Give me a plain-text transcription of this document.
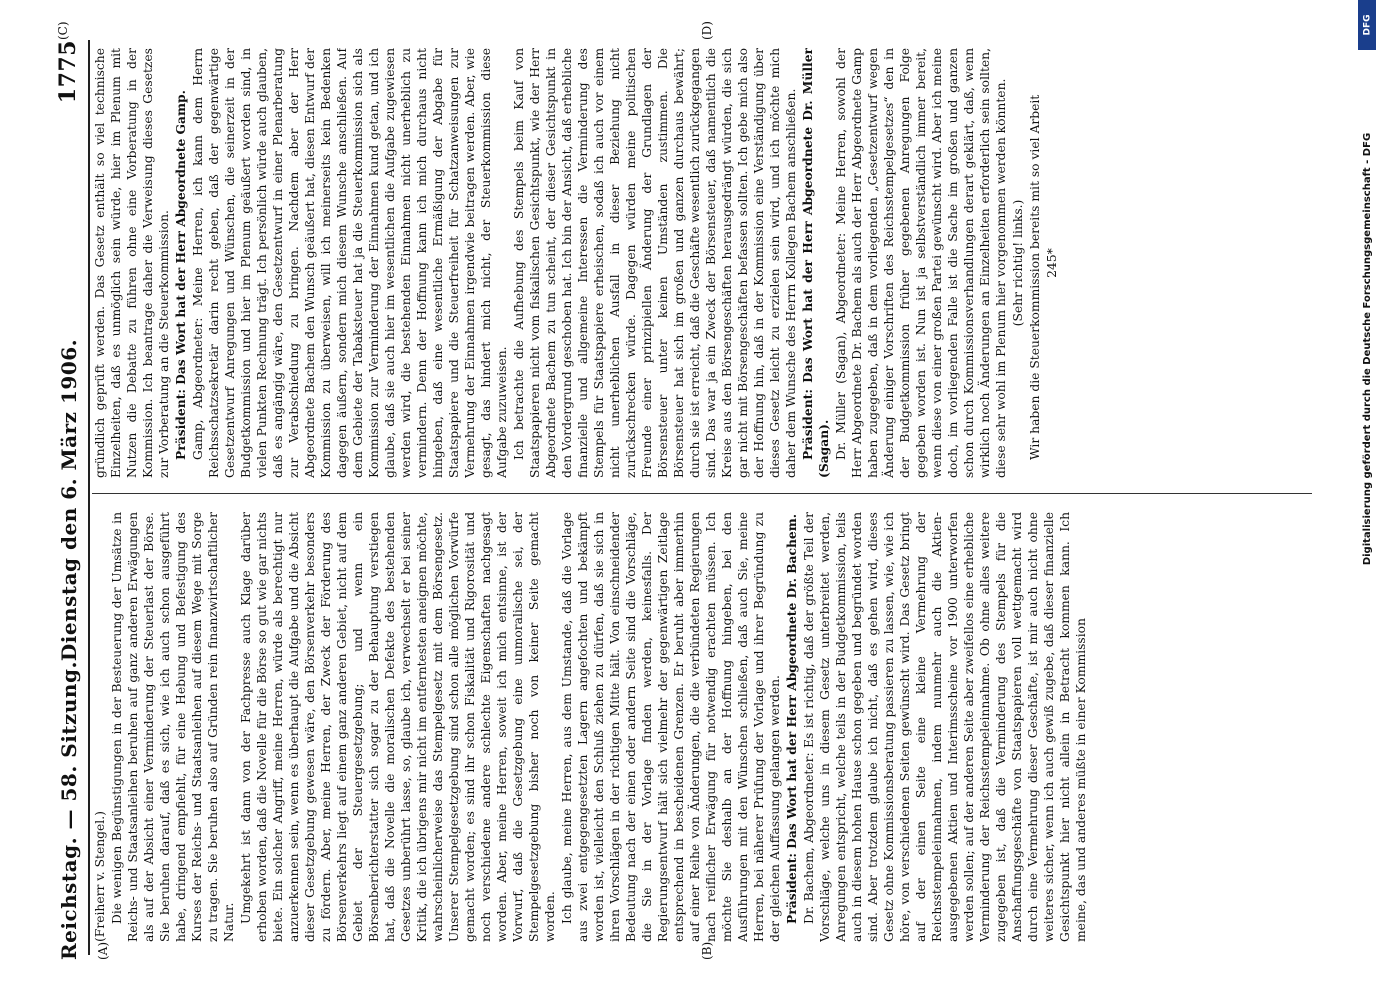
Reichstag. — 58. Sitzung.
Dienstag den 6. März 1906.
1775
(A)	(B)
(C)	(D)

(Freiherr v. Stengel.) Die wenigen Begünstigungen in der Besteuerung der Umsätze in Reichs- und Staatsanleihen beruhen auf ganz anderen Erwägungen als auf der Absicht einer Verminderung der Steuerlast der Börse. Sie beruhen darauf, daß es sich, wie ich auch schon ausgeführt habe, dringend empfiehlt, für eine Hebung und Befestigung des Kurses der Reichs- und Staatsanleihen auf diesem Wege mit Sorge zu tragen. Sie beruhen also auf Gründen rein finanzwirtschaftlicher Natur. Umgekehrt ist dann von der Fachpresse auch Klage darüber erhoben worden, daß die Novelle für die Börse so gut wie gar nichts biete. Ein solcher Angriff, meine Herren, würde als berechtigt nur anzuerkennen sein, wenn es überhaupt die Aufgabe und die Absicht dieser Gesetzgebung gewesen wäre, den Börsenverkehr besonders zu fördern. Aber, meine Herren, der Zweck der Förderung des Börsenverkehrs liegt auf einem ganz anderen Gebiet, nicht auf dem Gebiet der Steuergesetzgebung; und wenn ein Börsenberichterstatter sich sogar zu der Behauptung verstiegen hat, daß die Novelle die moralischen Defekte des bestehenden Gesetzes unberührt lasse, so, glaube ich, verwechselt er bei seiner Kritik, die ich übrigens mir nicht im entferntesten aneignen möchte, wahrscheinlicherweise das Stempelgesetz mit dem Börsengesetz. Unserer Stempelgesetzgebung sind schon alle möglichen Vorwürfe gemacht worden; es sind ihr schon Fiskalität und Rigorosität und noch verschiedene andere schlechte Eigenschaften nachgesagt worden. Aber, meine Herren, soweit ich mich entsinne, ist der Vorwurf, daß die Gesetzgebung eine unmoralische sei, der Stempelgesetzgebung bisher noch von keiner Seite gemacht worden. Ich glaube, meine Herren, aus dem Umstande, daß die Vorlage aus zwei entgegengesetzten Lagern angefochten und bekämpft worden ist, vielleicht den Schluß ziehen zu dürfen, daß sie sich in ihren Vorschlägen in der richtigen Mitte hält. Von einschneidender Bedeutung nach der einen oder andern Seite sind die Vorschläge, die Sie in der Vorlage finden werden, keinesfalls. Der Regierungsentwurf hält sich vielmehr der gegenwärtigen Zeitlage entsprechend in bescheidenen Grenzen. Er beruht aber immerhin auf einer Reihe von Änderungen, die die verbündeten Regierungen nach reiflicher Erwägung für notwendig erachten müssen. Ich möchte Sie deshalb an der Hoffnung hingeben, bei den Ausführungen mit den Wünschen schließen, daß auch Sie, meine Herren, bei näherer Prüfung der Vorlage und ihrer Begründung zu der gleichen Auffassung gelangen werden. Präsident: Das Wort hat der Herr Abgeordnete Dr. Bachem. Dr. Bachem, Abgeordneter: Es ist richtig, daß der größte Teil der Vorschläge, welche uns in diesem Gesetz unterbreitet werden, Anregungen entspricht, welche teils in der Budgetkommission, teils auch in diesem hohen Hause schon gegeben und begründet worden sind. Aber trotzdem glaube ich nicht, daß es gehen wird, dieses Gesetz ohne Kommissionsberatung passieren zu lassen, wie, wie ich höre, von verschiedenen Seiten gewünscht wird. Das Gesetz bringt auf der einen Seite eine kleine Vermehrung der Reichsstempeleinnahmen, indem nunmehr auch die Aktien-ausgegebenen Aktien und Interimsscheine vor 1900 unterworfen werden sollen; auf der anderen Seite aber zweifellos eine erhebliche Verminderung der Reichsstempeleinnahme. Ob ohne alles weitere zugegeben ist, daß die Verminderung des Stempels für die Anschaffungsgeschäfte von Staatspapieren voll wettgemacht wird durch eine Vermehrung dieser Geschäfte, ist mir auch nicht ohne weiteres sicher, wenn ich auch gewiß zugebe, daß dieser finanzielle Gesichtspunkt hier nicht allein in Betracht kommen kann. Ich meine, das und anderes müßte in einer Kommission

gründlich geprüft werden. Das Gesetz enthält so viel technische Einzelheiten, daß es unmöglich sein würde, hier im Plenum mit Nutzen die Debatte zu führen ohne eine Vorberatung in der Kommission. Ich beantrage daher die Verweisung dieses Gesetzes zur Vorberatung an die Steuerkommission. Präsident: Das Wort hat der Herr Abgeordnete Gamp. Gamp, Abgeordneter: Meine Herren, ich kann dem Herrn Reichsschatzsekretär darin recht geben, daß der gegenwärtige Gesetzentwurf Anregungen und Wünschen, die seinerzeit in der Budgetkommission und hier im Plenum geäußert worden sind, in vielen Punkten Rechnung trägt. Ich persönlich würde auch glauben, daß es angängig wäre, den Gesetzentwurf in einer Plenarberatung zur Verabschiedung zu bringen. Nachdem aber der Herr Abgeordnete Bachem den Wunsch geäußert hat, diesen Entwurf der Kommission zu überweisen, will ich meinerseits kein Bedenken dagegen äußern, sondern mich diesem Wunsche anschließen. Auf dem Gebiete der Tabaksteuer hat ja die Steuerkommission sich als Kommission zur Verminderung der Einnahmen kund getan, und ich glaube, daß sie auch hier im wesentlichen die Aufgabe zugewiesen werden wird, die bestehenden Einnahmen nicht unerheblich zu vermindern. Denn der Hoffnung kann ich mich durchaus nicht hingeben, daß eine wesentliche Ermäßigung der Abgabe für Staatspapiere und die Steuerfreiheit für Schatzanweisungen zur Vermehrung der Einnahmen irgendwie beitragen werden. Aber, wie gesagt, das hindert mich nicht, der Steuerkommission diese Aufgabe zuzuweisen. Ich betrachte die Aufhebung des Stempels beim Kauf von Staatspapieren nicht vom fiskalischen Gesichtspunkt, wie der Herr Abgeordnete Bachem zu tun scheint, der dieser Gesichtspunkt in den Vordergrund geschoben hat. Ich bin der Ansicht, daß erhebliche finanzielle und allgemeine Interessen die Verminderung des Stempels für Staatspapiere erheischen, sodaß ich auch vor einem nicht unerheblichen Ausfall in dieser Beziehung nicht zurückschrecken würde. Dagegen würden meine politischen Freunde einer prinzipiellen Änderung der Grundlagen der Börsensteuer unter keinen Umständen zustimmen. Die Börsensteuer hat sich im großen und ganzen durchaus bewährt; durch sie ist erreicht, daß die Geschäfte wesentlich zurückgegangen sind. Das war ja ein Zweck der Börsensteuer, daß namentlich die Kreise aus den Börsengeschäften herausgedrängt würden, die sich gar nicht mit Börsengeschäften befassen sollten. Ich gebe mich also der Hoffnung hin, daß in der Kommission eine Verständigung über dieses Gesetz leicht zu erzielen sein wird, und ich möchte mich daher dem Wunsche des Herrn Kollegen Bachem anschließen. Präsident: Das Wort hat der Herr Abgeordnete Dr. Müller (Sagan). Dr. Müller (Sagan), Abgeordneter: Meine Herren, sowohl der Herr Abgeordnete Dr. Bachem als auch der Herr Abgeordnete Gamp haben zugegeben, daß in dem vorliegenden „Gesetzentwurf wegen Änderung einiger Vorschriften des Reichsstempelgesetzes“ den in der Budgetkommission früher gegebenen Anregungen Folge gegeben worden ist. Nun ist ja selbstverständlich immer bereit, wenn diese von einer großen Partei gewünscht wird. Aber ich meine doch, im vorliegenden Falle ist die Sache im großen und ganzen schon durch Kommissionsverhandlungen derart geklärt, daß, wenn wirklich noch Änderungen an Einzelheiten erforderlich sein sollten, diese sehr wohl im Plenum hier vorgenommen werden könnten. (Sehr richtig! links.) Wir haben die Steuerkommission bereits mit so viel Arbeit 245*

DFG
Digitalisierung gefördert durch die Deutsche Forschungsgemeinschaft - DFG
